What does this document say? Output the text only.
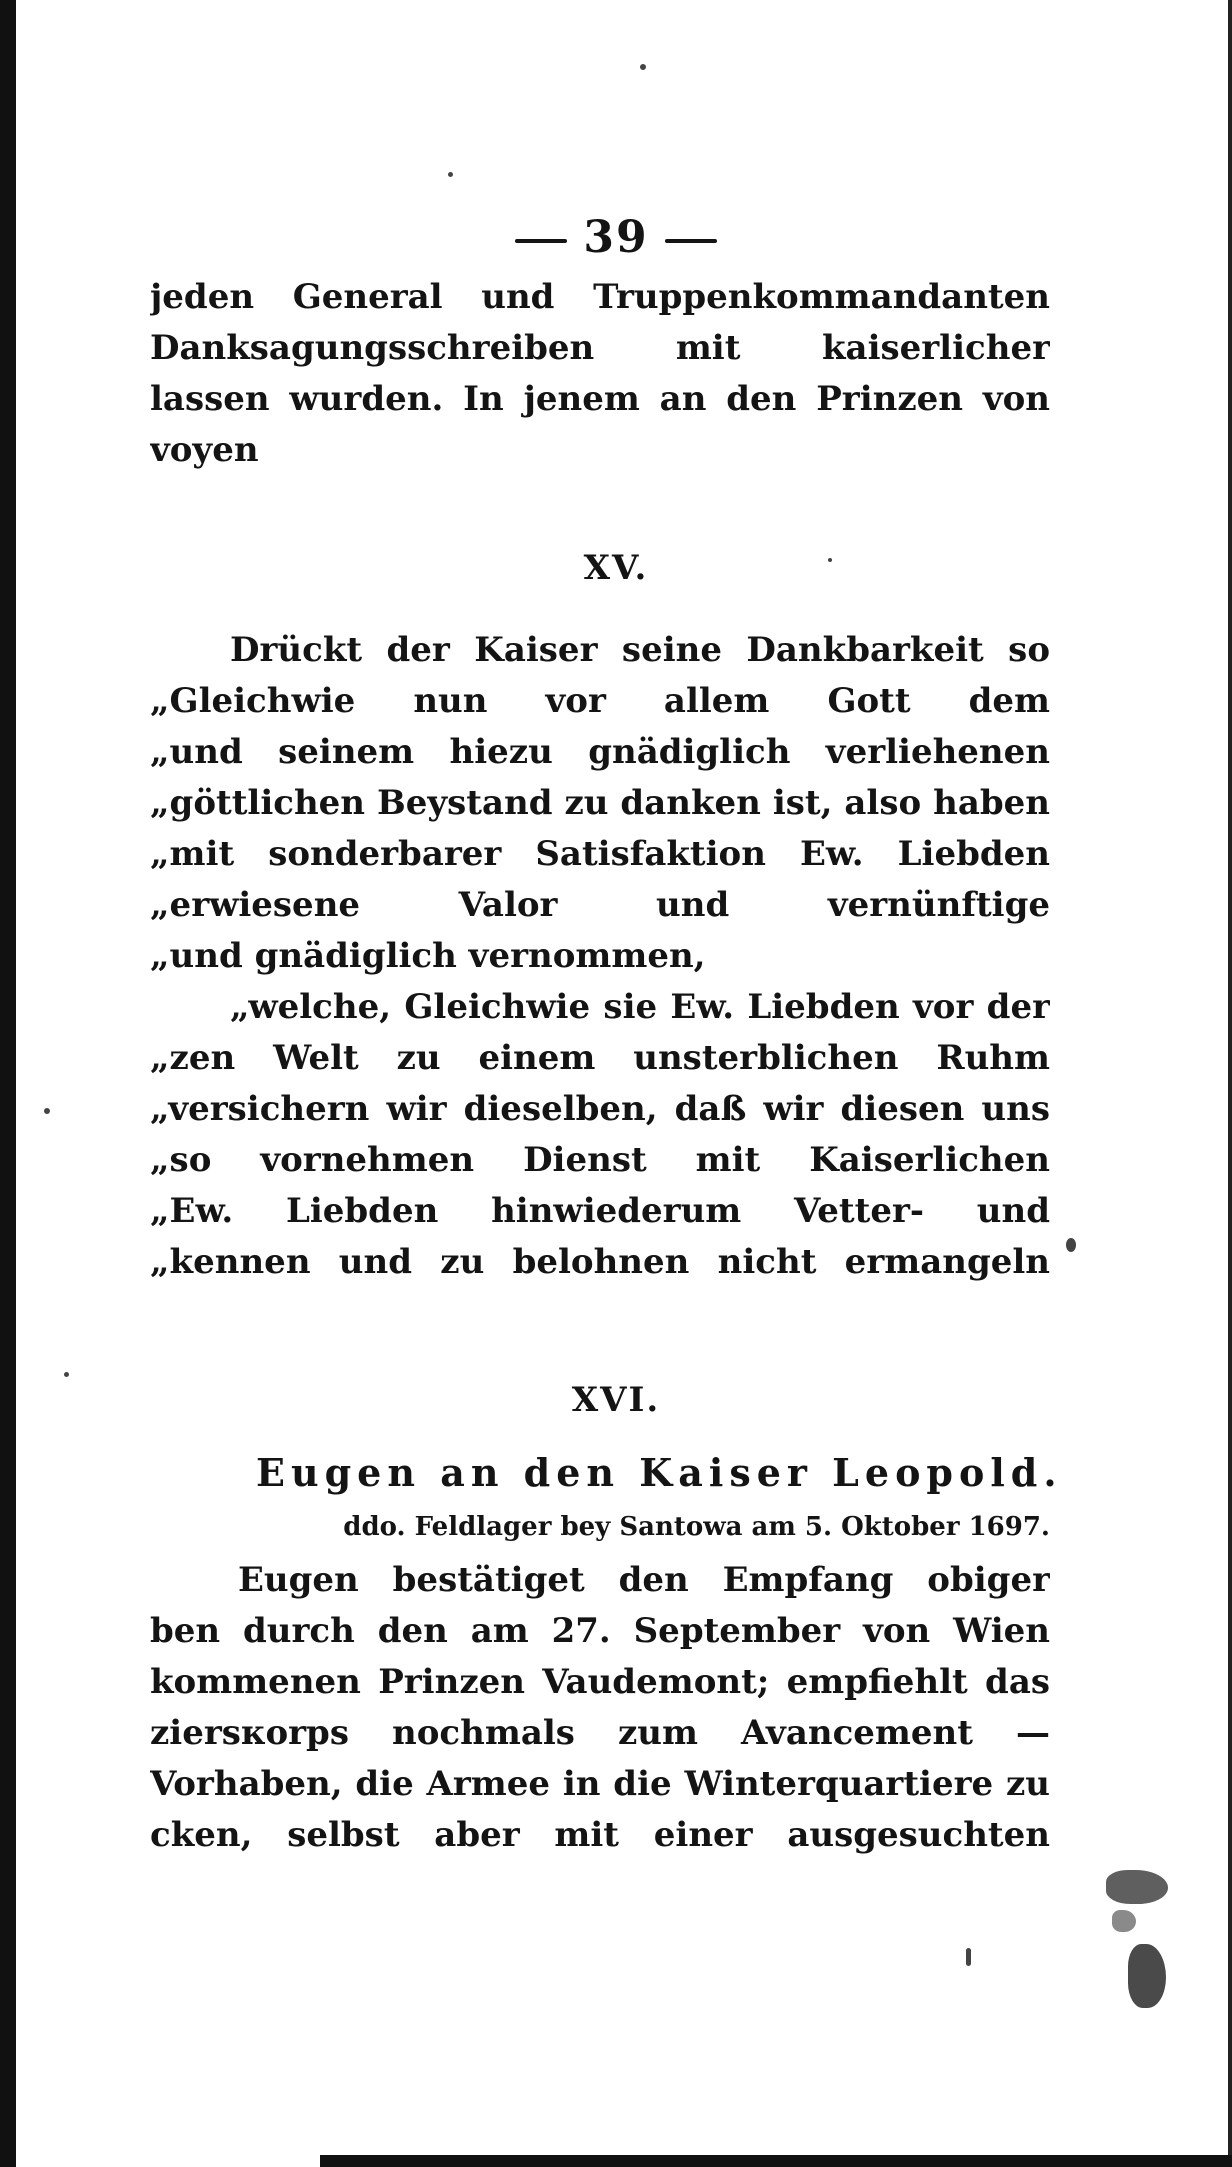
39
jeden General und Truppenkommandanten
Danksagungsschreiben mit kaiserlicher
lassen wurden. In jenem an den Prinzen von
voyen
XV.
Drückt der Kaiser seine Dankbarkeit so
„Gleichwie nun vor allem Gott dem
„und seinem hiezu gnädiglich verliehenen
„göttlichen Beystand zu danken ist, also haben
„mit sonderbarer Satisfaktion Ew. Liebden
„erwiesene Valor und vernünftige
„und gnädiglich vernommen,
„welche, Gleichwie sie Ew. Liebden vor der
„zen Welt zu einem unsterblichen Ruhm
„versichern wir dieselben, daß wir diesen uns
„so vornehmen Dienst mit Kaiserlichen
„Ew. Liebden hinwiederum Vetter- und
„kennen und zu belohnen nicht ermangeln
XVI.
Eugen an den Kaiser Leopold.
ddo. Feldlager bey Santowa am 5. Oktober 1697.
Eugen bestätiget den Empfang obiger
ben durch den am 27. September von Wien
kommenen Prinzen Vaudemont; empfiehlt das
ziersкorps nochmals zum Avancement —
Vorhaben, die Armee in die Winterquartiere zu
cken, selbst aber mit einer ausgesuchten
